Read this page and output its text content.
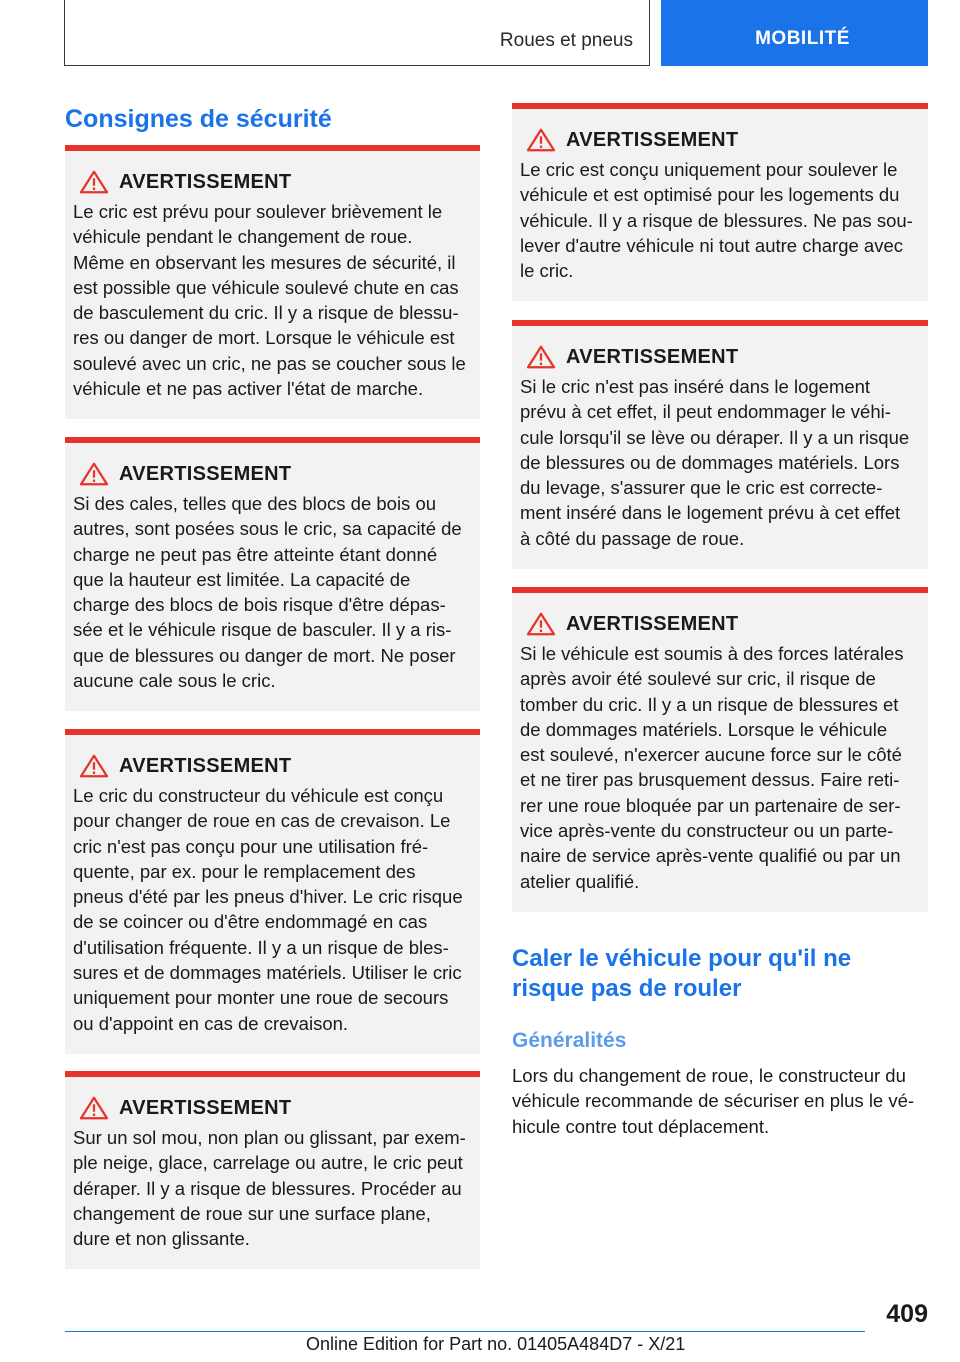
Roues et pneus	MOBILITÉ
Consignes de sécurité
AVERTISSEMENT
Le cric est prévu pour soulever brièvement le
véhicule pendant le changement de roue.
Même en observant les mesures de sécurité, il
est possible que véhicule soulevé chute en cas
de basculement du cric. Il y a risque de blessu‐
res ou danger de mort. Lorsque le véhicule est
soulevé avec un cric, ne pas se coucher sous le
véhicule et ne pas activer l'état de marche.
AVERTISSEMENT
Si des cales, telles que des blocs de bois ou
autres, sont posées sous le cric, sa capacité de
charge ne peut pas être atteinte étant donné
que la hauteur est limitée. La capacité de
charge des blocs de bois risque d'être dépas‐
sée et le véhicule risque de basculer. Il y a ris‐
que de blessures ou danger de mort. Ne poser
aucune cale sous le cric.
AVERTISSEMENT
Le cric du constructeur du véhicule est conçu
pour changer de roue en cas de crevaison. Le
cric n'est pas conçu pour une utilisation fré‐
quente, par ex. pour le remplacement des
pneus d'été par les pneus d'hiver. Le cric risque
de se coincer ou d'être endommagé en cas
d'utilisation fréquente. Il y a un risque de bles‐
sures et de dommages matériels. Utiliser le cric
uniquement pour monter une roue de secours
ou d'appoint en cas de crevaison.
AVERTISSEMENT
Sur un sol mou, non plan ou glissant, par exem‐
ple neige, glace, carrelage ou autre, le cric peut
déraper. Il y a risque de blessures. Procéder au
changement de roue sur une surface plane,
dure et non glissante.
AVERTISSEMENT
Le cric est conçu uniquement pour soulever le
véhicule et est optimisé pour les logements du
véhicule. Il y a risque de blessures. Ne pas sou‐
lever d'autre véhicule ni tout autre charge avec
le cric.
AVERTISSEMENT
Si le cric n'est pas inséré dans le logement
prévu à cet effet, il peut endommager le véhi‐
cule lorsqu'il se lève ou déraper. Il y a un risque
de blessures ou de dommages matériels. Lors
du levage, s'assurer que le cric est correcte‐
ment inséré dans le logement prévu à cet effet
à côté du passage de roue.
AVERTISSEMENT
Si le véhicule est soumis à des forces latérales
après avoir été soulevé sur cric, il risque de
tomber du cric. Il y a un risque de blessures et
de dommages matériels. Lorsque le véhicule
est soulevé, n'exercer aucune force sur le côté
et ne tirer pas brusquement dessus. Faire reti‐
rer une roue bloquée par un partenaire de ser‐
vice après-vente du constructeur ou un parte‐
naire de service après-vente qualifié ou par un
atelier qualifié.
Caler le véhicule pour qu'il ne
risque pas de rouler
Généralités
Lors du changement de roue, le constructeur du
véhicule recommande de sécuriser en plus le vé‐
hicule contre tout déplacement.
409
Online Edition for Part no. 01405A484D7 - X/21
